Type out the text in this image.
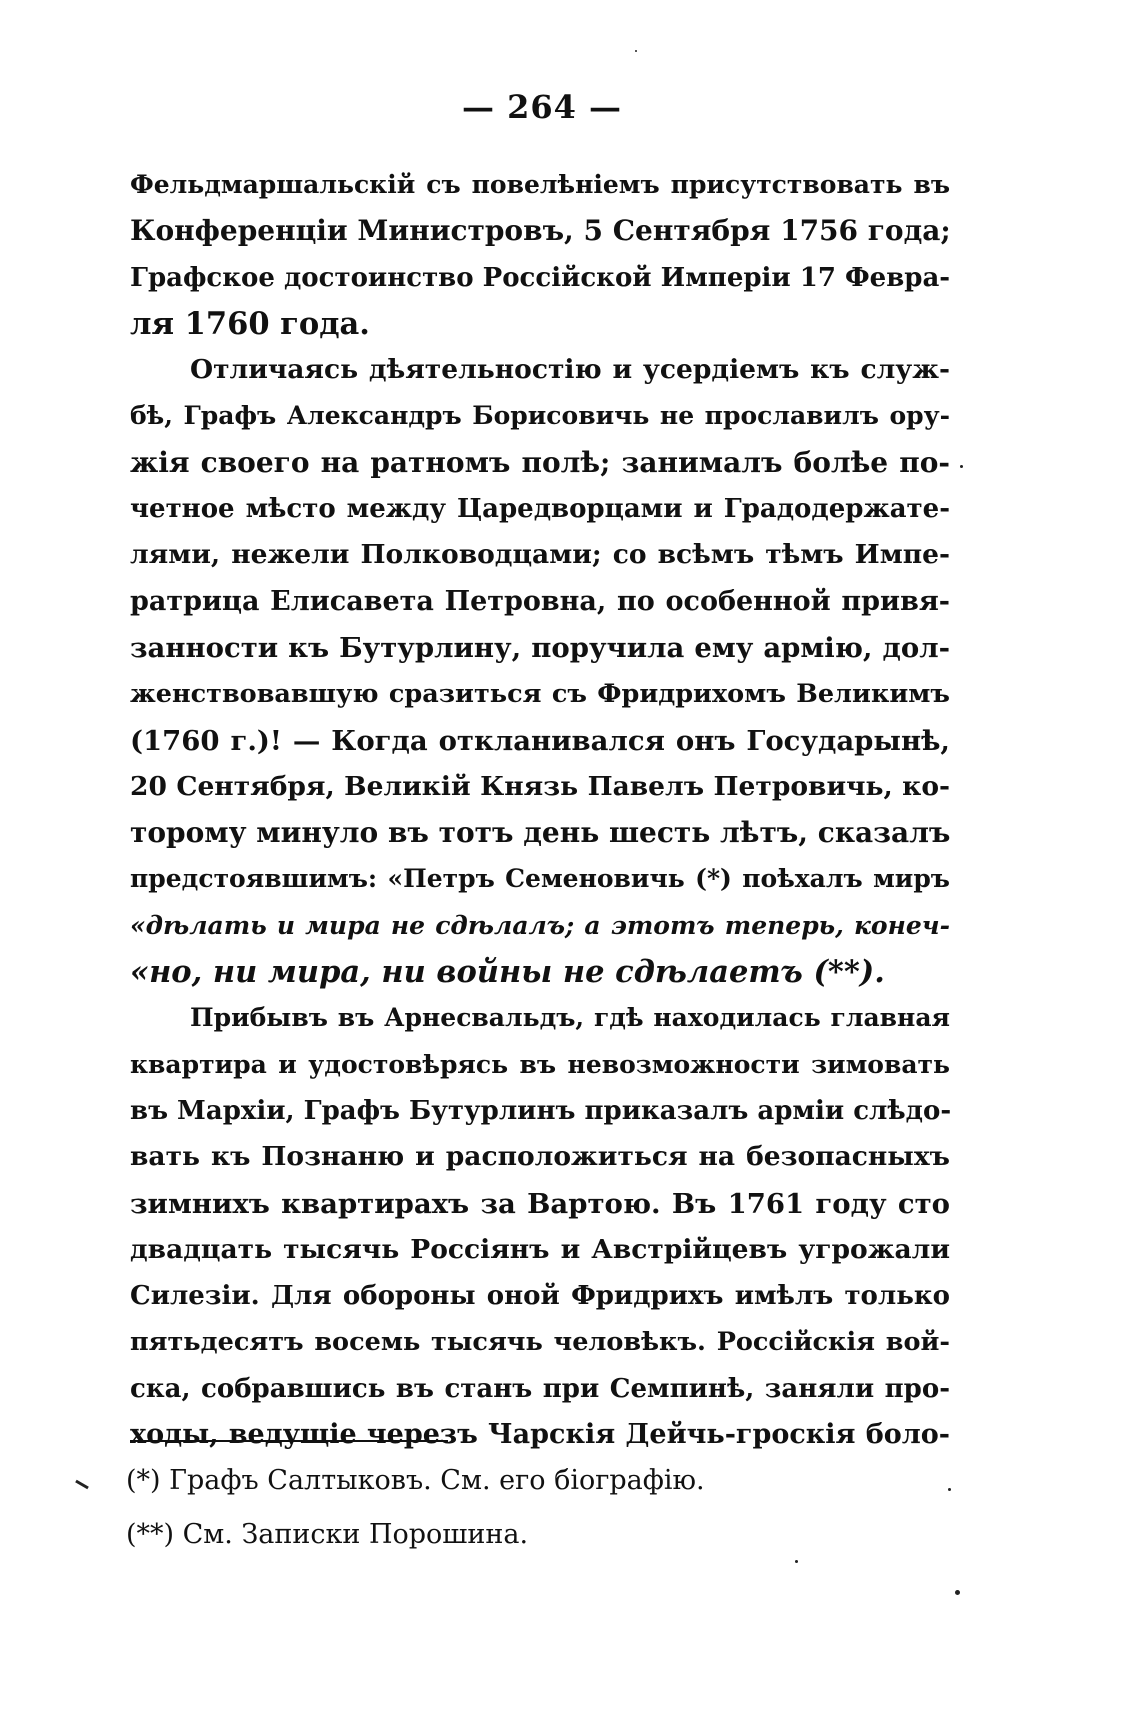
— 264 —
Фельдмаршальскій съ повелѣніемъ присутствовать въ
Конференціи Министровъ, 5 Сентября 1756 года;
Графское достоинство Россійской Имперіи 17 Февра-
ля 1760 года.
Отличаясь дѣятельностію и усердіемъ къ служ-
бѣ, Графъ Александръ Борисовичь не прославилъ ору-
жія своего на ратномъ полѣ; занималъ болѣе по-
четное мѣсто между Царедворцами и Градодержате-
лями, нежели Полководцами; со всѣмъ тѣмъ Импе-
ратрица Елисавета Петровна, по особенной привя-
занности къ Бутурлину, поручила ему армію, дол-
женствовавшую сразиться съ Фридрихомъ Великимъ
(1760 г.)! — Когда откланивался онъ Государынѣ,
20 Сентября, Великій Князь Павелъ Петровичь, ко-
торому минуло въ тотъ день шесть лѣтъ, сказалъ
предстоявшимъ: «Петръ Семеновичь (*) поѣхалъ миръ
«дѣлать и мира не сдѣлалъ; а этотъ теперь, конеч-
«но, ни мира, ни войны не сдѣлаетъ (**).
Прибывъ въ Арнесвальдъ, гдѣ находилась главная
квартира и удостовѣрясь въ невозможности зимовать
въ Мархіи, Графъ Бутурлинъ приказалъ арміи слѣдо-
вать къ Познаню и расположиться на безопасныхъ
зимнихъ квартирахъ за Вартою. Въ 1761 году сто
двадцать тысячь Россіянъ и Австрійцевъ угрожали
Силезіи. Для обороны оной Фридрихъ имѣлъ только
пятьдесятъ восемь тысячь человѣкъ. Россійскія вой-
ска, собравшись въ станъ при Семпинѣ, заняли про-
ходы, ведущіе черезъ Чарскія Дейчь-гроскія боло-
(*) Графъ Салтыковъ. См. его біографію.
(**) См. Записки Порошина.
